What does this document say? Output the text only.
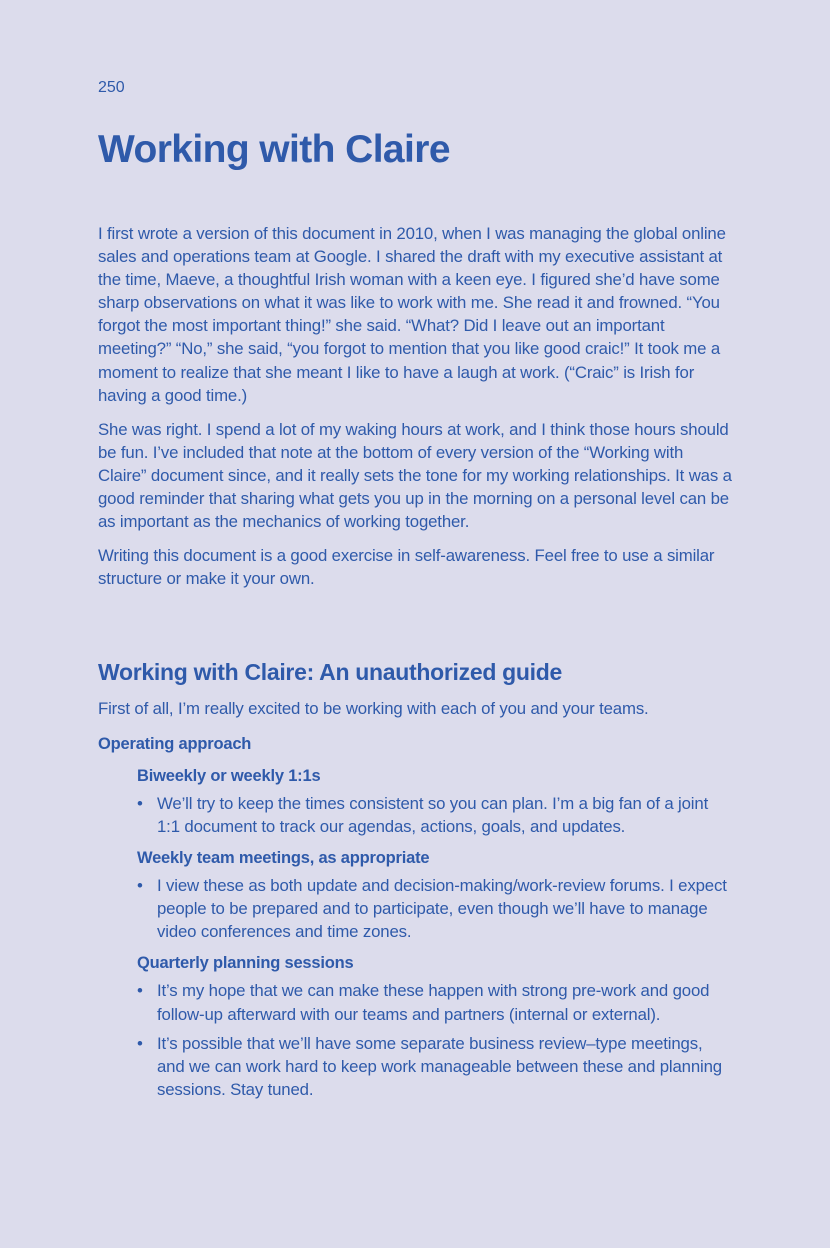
250
Working with Claire

I first wrote a version of this document in 2010, when I was managing the global online sales and operations team at Google. I shared the draft with my executive assistant at the time, Maeve, a thoughtful Irish woman with a keen eye. I figured she’d have some sharp observations on what it was like to work with me. She read it and frowned. “You forgot the most important thing!” she said. “What? Did I leave out an important meeting?” “No,” she said, “you forgot to mention that you like good craic!” It took me a moment to realize that she meant I like to have a laugh at work. (“Craic” is Irish for having a good time.)

She was right. I spend a lot of my waking hours at work, and I think those hours should be fun. I’ve included that note at the bottom of every version of the “Working with Claire” document since, and it really sets the tone for my working relationships. It was a good reminder that sharing what gets you up in the morning on a personal level can be as important as the mechanics of working together.

Writing this document is a good exercise in self-awareness. Feel free to use a similar structure or make it your own.

Working with Claire: An unauthorized guide

First of all, I’m really excited to be working with each of you and your teams.

Operating approach
Biweekly or weekly 1:1s
• We’ll try to keep the times consistent so you can plan. I’m a big fan of a joint 1:1 document to track our agendas, actions, goals, and updates.
Weekly team meetings, as appropriate
• I view these as both update and decision-making/work-review forums. I expect people to be prepared and to participate, even though we’ll have to manage video conferences and time zones.
Quarterly planning sessions
• It’s my hope that we can make these happen with strong pre-work and good follow-up afterward with our teams and partners (internal or external).
• It’s possible that we’ll have some separate business review–type meetings, and we can work hard to keep work manageable between these and planning sessions. Stay tuned.
